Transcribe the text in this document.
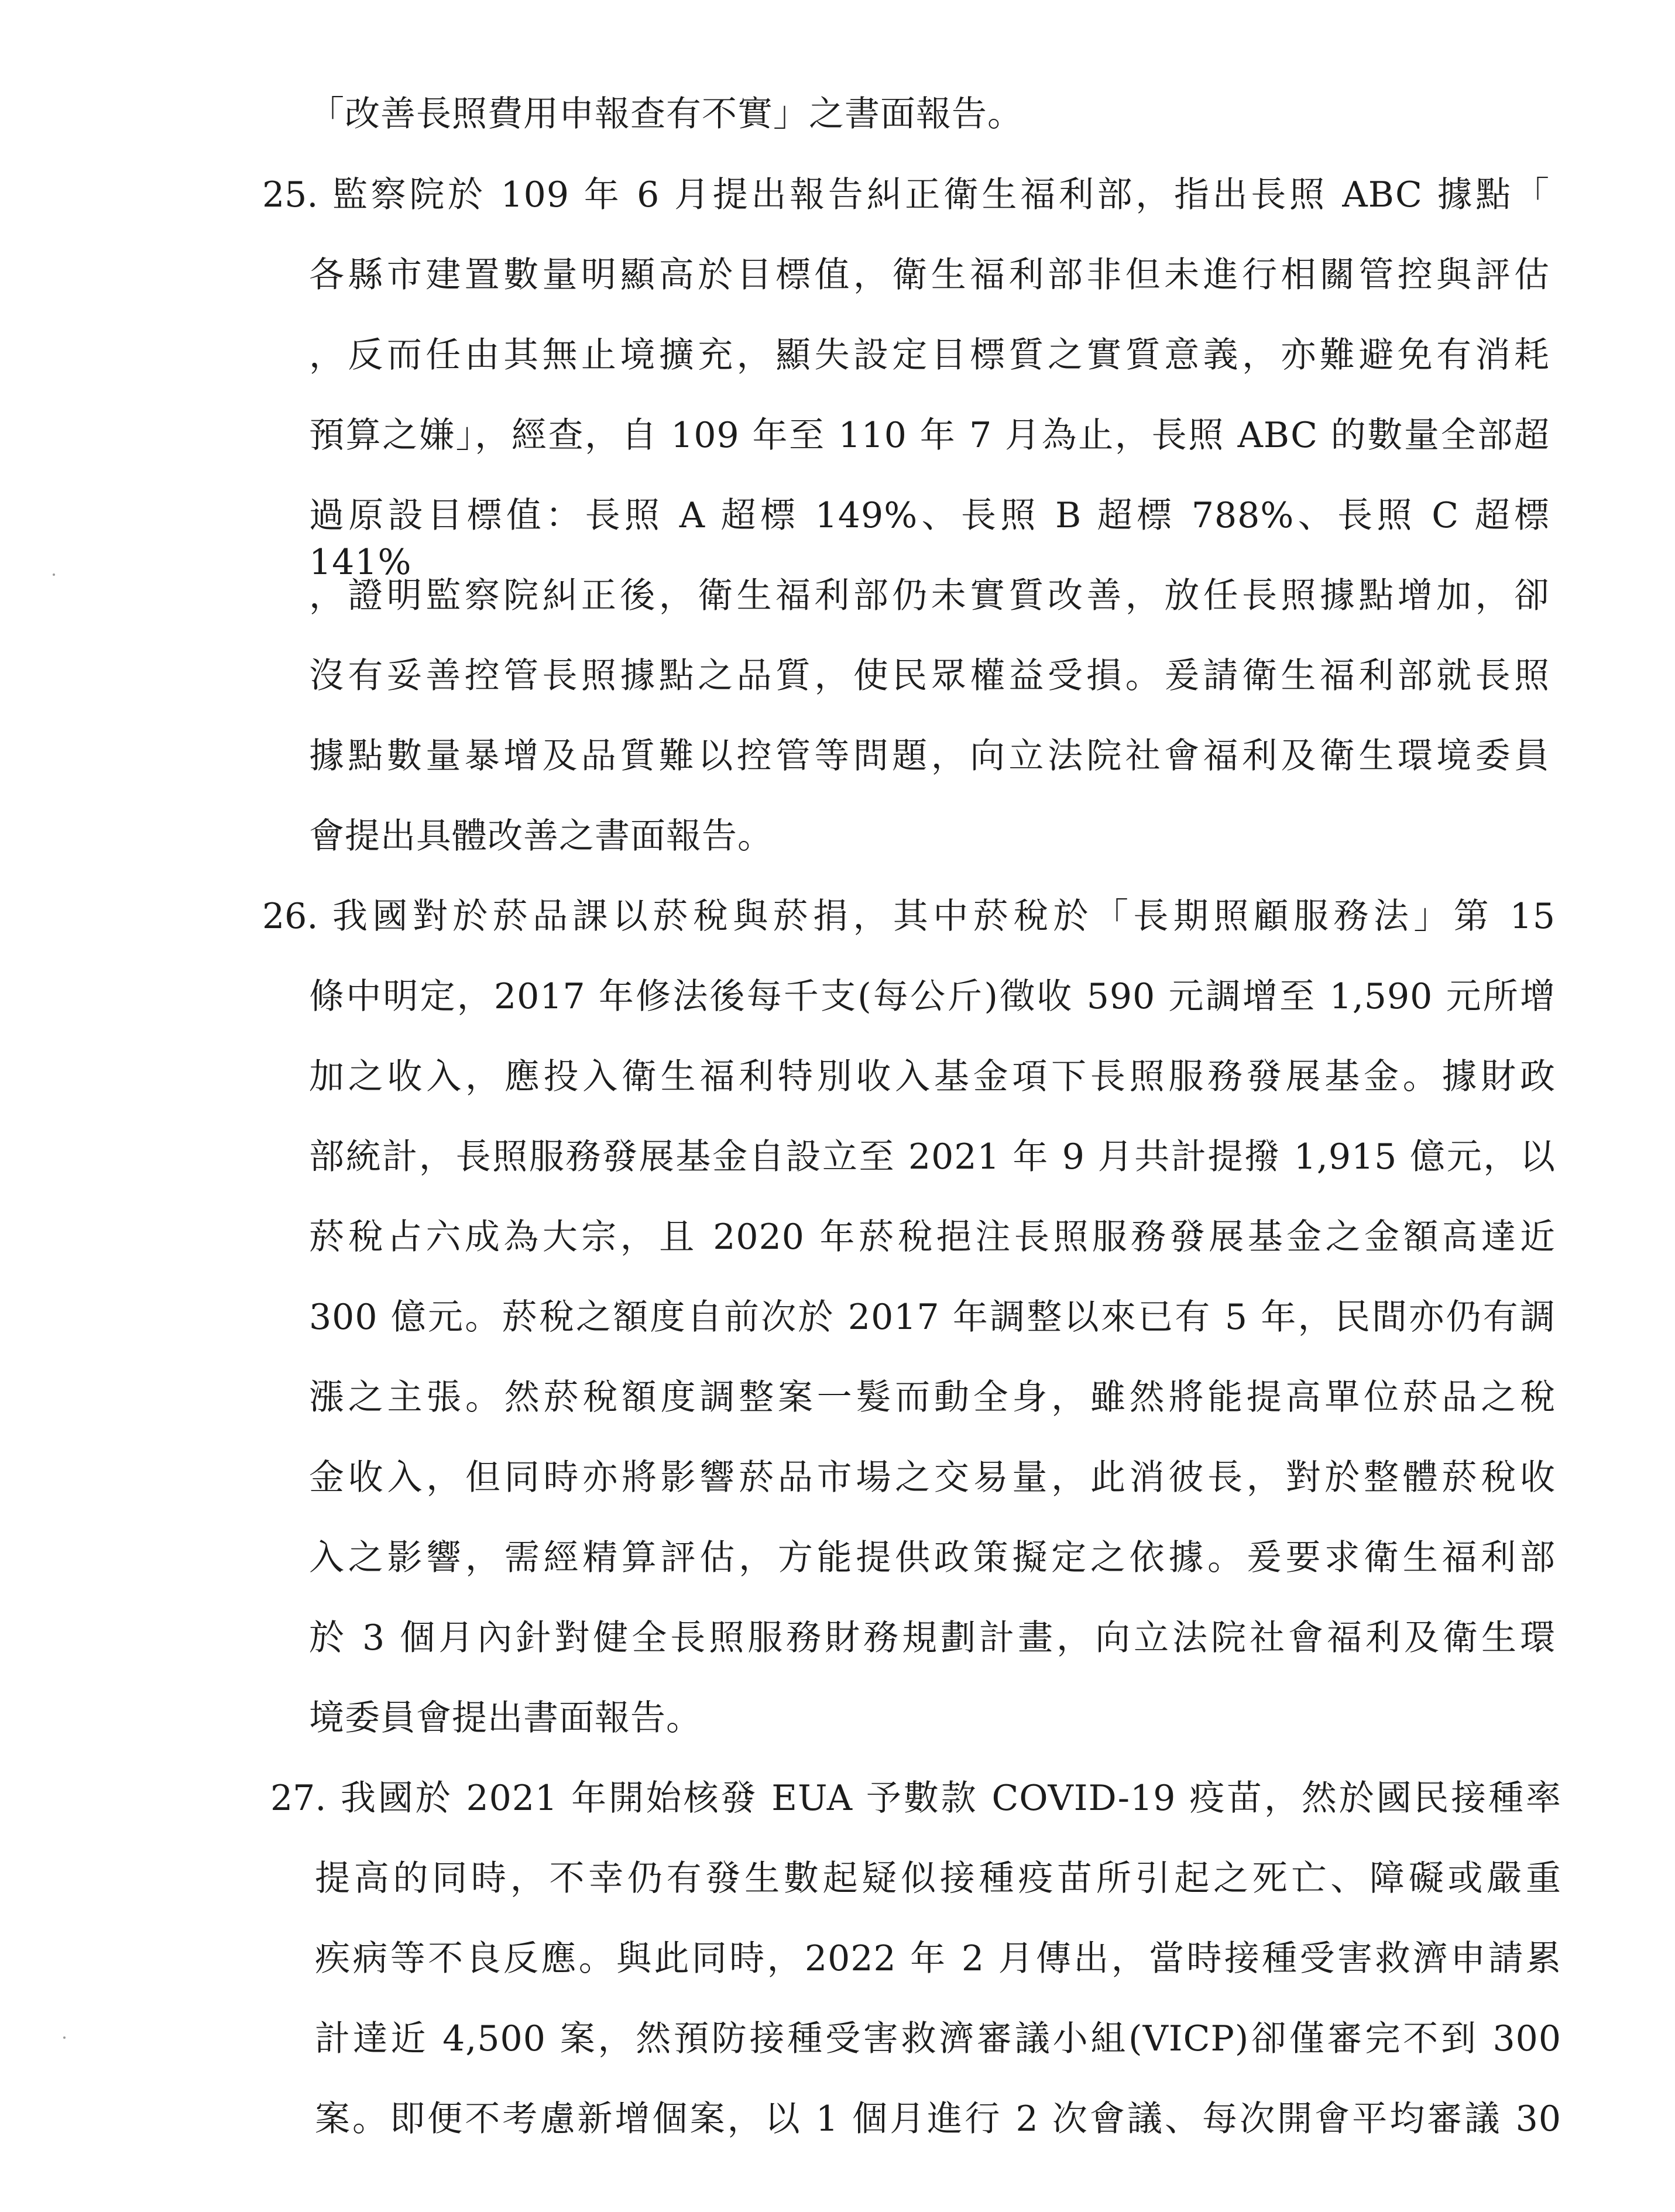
「改善長照費用申報查有不實」之書面報告。
25. 監察院於 109 年 6 月提出報告糾正衛生福利部，指出長照 ABC 據點「
各縣市建置數量明顯高於目標值，衛生福利部非但未進行相關管控與評估
，反而任由其無止境擴充，顯失設定目標質之實質意義，亦難避免有消耗
預算之嫌」，經查，自 109 年至 110 年 7 月為止，長照 ABC 的數量全部超
過原設目標值：長照 A 超標 149%、長照 B 超標 788%、長照 C 超標 141%
，證明監察院糾正後，衛生福利部仍未實質改善，放任長照據點增加，卻
沒有妥善控管長照據點之品質，使民眾權益受損。爰請衛生福利部就長照
據點數量暴增及品質難以控管等問題，向立法院社會福利及衛生環境委員
會提出具體改善之書面報告。
26. 我國對於菸品課以菸稅與菸捐，其中菸稅於「長期照顧服務法」第 15
條中明定，2017 年修法後每千支(每公斤)徵收 590 元調增至 1,590 元所增
加之收入，應投入衛生福利特別收入基金項下長照服務發展基金。據財政
部統計，長照服務發展基金自設立至 2021 年 9 月共計提撥 1,915 億元，以
菸稅占六成為大宗，且 2020 年菸稅挹注長照服務發展基金之金額高達近
300 億元。菸稅之額度自前次於 2017 年調整以來已有 5 年，民間亦仍有調
漲之主張。然菸稅額度調整案一髮而動全身，雖然將能提高單位菸品之稅
金收入，但同時亦將影響菸品市場之交易量，此消彼長，對於整體菸稅收
入之影響，需經精算評估，方能提供政策擬定之依據。爰要求衛生福利部
於 3 個月內針對健全長照服務財務規劃計畫，向立法院社會福利及衛生環
境委員會提出書面報告。
27. 我國於 2021 年開始核發 EUA 予數款 COVID-19 疫苗，然於國民接種率
提高的同時，不幸仍有發生數起疑似接種疫苗所引起之死亡、障礙或嚴重
疾病等不良反應。與此同時，2022 年 2 月傳出，當時接種受害救濟申請累
計達近 4,500 案，然預防接種受害救濟審議小組(VICP)卻僅審完不到 300
案。即便不考慮新增個案，以 1 個月進行 2 次會議、每次開會平均審議 30
